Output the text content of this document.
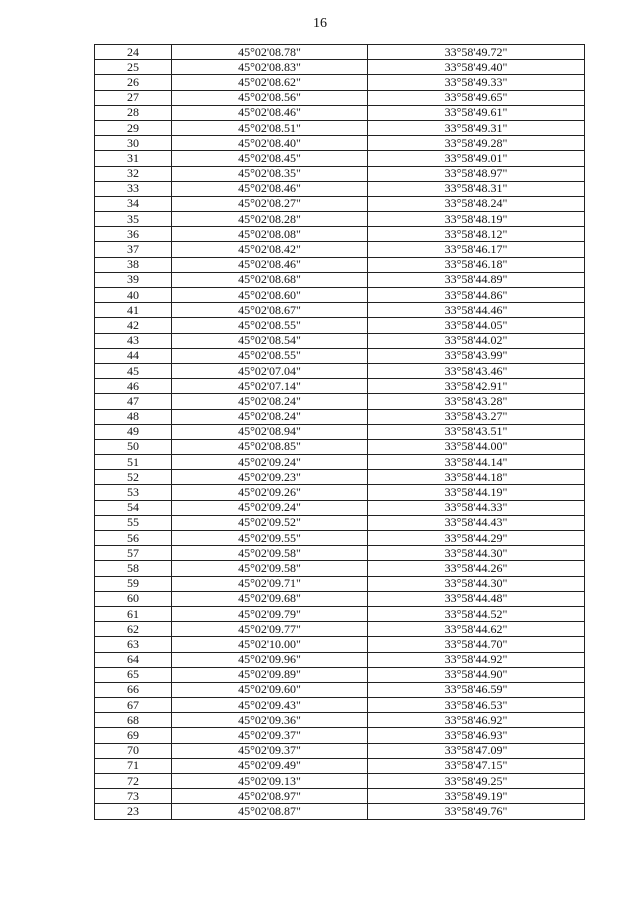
16
24	45°02'08.78"	33°58'49.72"
25	45°02'08.83"	33°58'49.40"
26	45°02'08.62"	33°58'49.33"
27	45°02'08.56"	33°58'49.65"
28	45°02'08.46"	33°58'49.61"
29	45°02'08.51"	33°58'49.31"
30	45°02'08.40"	33°58'49.28"
31	45°02'08.45"	33°58'49.01"
32	45°02'08.35"	33°58'48.97"
33	45°02'08.46"	33°58'48.31"
34	45°02'08.27"	33°58'48.24"
35	45°02'08.28"	33°58'48.19"
36	45°02'08.08"	33°58'48.12"
37	45°02'08.42"	33°58'46.17"
38	45°02'08.46"	33°58'46.18"
39	45°02'08.68"	33°58'44.89"
40	45°02'08.60"	33°58'44.86"
41	45°02'08.67"	33°58'44.46"
42	45°02'08.55"	33°58'44.05"
43	45°02'08.54"	33°58'44.02"
44	45°02'08.55"	33°58'43.99"
45	45°02'07.04"	33°58'43.46"
46	45°02'07.14"	33°58'42.91"
47	45°02'08.24"	33°58'43.28"
48	45°02'08.24"	33°58'43.27"
49	45°02'08.94"	33°58'43.51"
50	45°02'08.85"	33°58'44.00"
51	45°02'09.24"	33°58'44.14"
52	45°02'09.23"	33°58'44.18"
53	45°02'09.26"	33°58'44.19"
54	45°02'09.24"	33°58'44.33"
55	45°02'09.52"	33°58'44.43"
56	45°02'09.55"	33°58'44.29"
57	45°02'09.58"	33°58'44.30"
58	45°02'09.58"	33°58'44.26"
59	45°02'09.71"	33°58'44.30"
60	45°02'09.68"	33°58'44.48"
61	45°02'09.79"	33°58'44.52"
62	45°02'09.77"	33°58'44.62"
63	45°02'10.00"	33°58'44.70"
64	45°02'09.96"	33°58'44.92"
65	45°02'09.89"	33°58'44.90"
66	45°02'09.60"	33°58'46.59"
67	45°02'09.43"	33°58'46.53"
68	45°02'09.36"	33°58'46.92"
69	45°02'09.37"	33°58'46.93"
70	45°02'09.37"	33°58'47.09"
71	45°02'09.49"	33°58'47.15"
72	45°02'09.13"	33°58'49.25"
73	45°02'08.97"	33°58'49.19"
23	45°02'08.87"	33°58'49.76"
